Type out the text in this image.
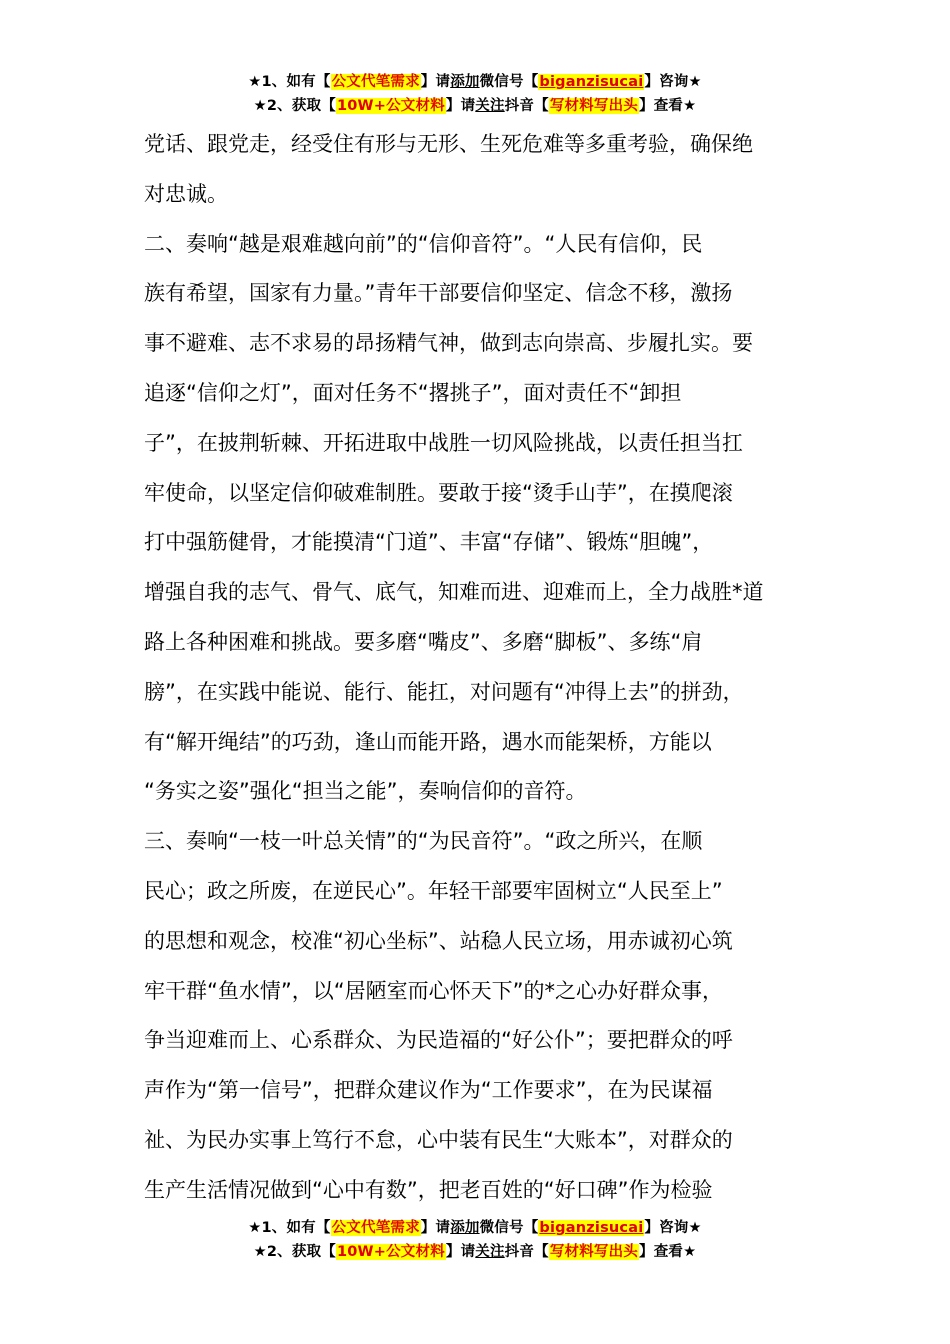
★1、如有【公文代笔需求】请添加微信号【biganzisucai】咨询★
★2、获取【10W+公文材料】请关注抖音【写材料写出头】查看★

党话、跟党走，经受住有形与无形、生死危难等多重考验，确保绝

对忠诚。

二、奏响“越是艰难越向前”的“信仰音符”。“人民有信仰，民

族有希望，国家有力量。”青年干部要信仰坚定、信念不移，激扬

事不避难、志不求易的昂扬精气神，做到志向崇高、步履扎实。要

追逐“信仰之灯”，面对任务不“撂挑子”，面对责任不“卸担

子”，在披荆斩棘、开拓进取中战胜一切风险挑战，以责任担当扛

牢使命，以坚定信仰破难制胜。要敢于接“烫手山芋”，在摸爬滚

打中强筋健骨，才能摸清“门道”、丰富“存储”、锻炼“胆魄”，

增强自我的志气、骨气、底气，知难而进、迎难而上，全力战胜*道

路上各种困难和挑战。要多磨“嘴皮”、多磨“脚板”、多练“肩

膀”，在实践中能说、能行、能扛，对问题有“冲得上去”的拼劲，

有“解开绳结”的巧劲，逢山而能开路，遇水而能架桥，方能以

“务实之姿”强化“担当之能”，奏响信仰的音符。

三、奏响“一枝一叶总关情”的“为民音符”。“政之所兴，在顺

民心；政之所废，在逆民心”。年轻干部要牢固树立“人民至上”

的思想和观念，校准“初心坐标”、站稳人民立场，用赤诚初心筑

牢干群“鱼水情”，以“居陋室而心怀天下”的*之心办好群众事，

争当迎难而上、心系群众、为民造福的“好公仆”；要把群众的呼

声作为“第一信号”，把群众建议作为“工作要求”，在为民谋福

祉、为民办实事上笃行不怠，心中装有民生“大账本”，对群众的

生产生活情况做到“心中有数”，把老百姓的“好口碑”作为检验

★1、如有【公文代笔需求】请添加微信号【biganzisucai】咨询★
★2、获取【10W+公文材料】请关注抖音【写材料写出头】查看★
